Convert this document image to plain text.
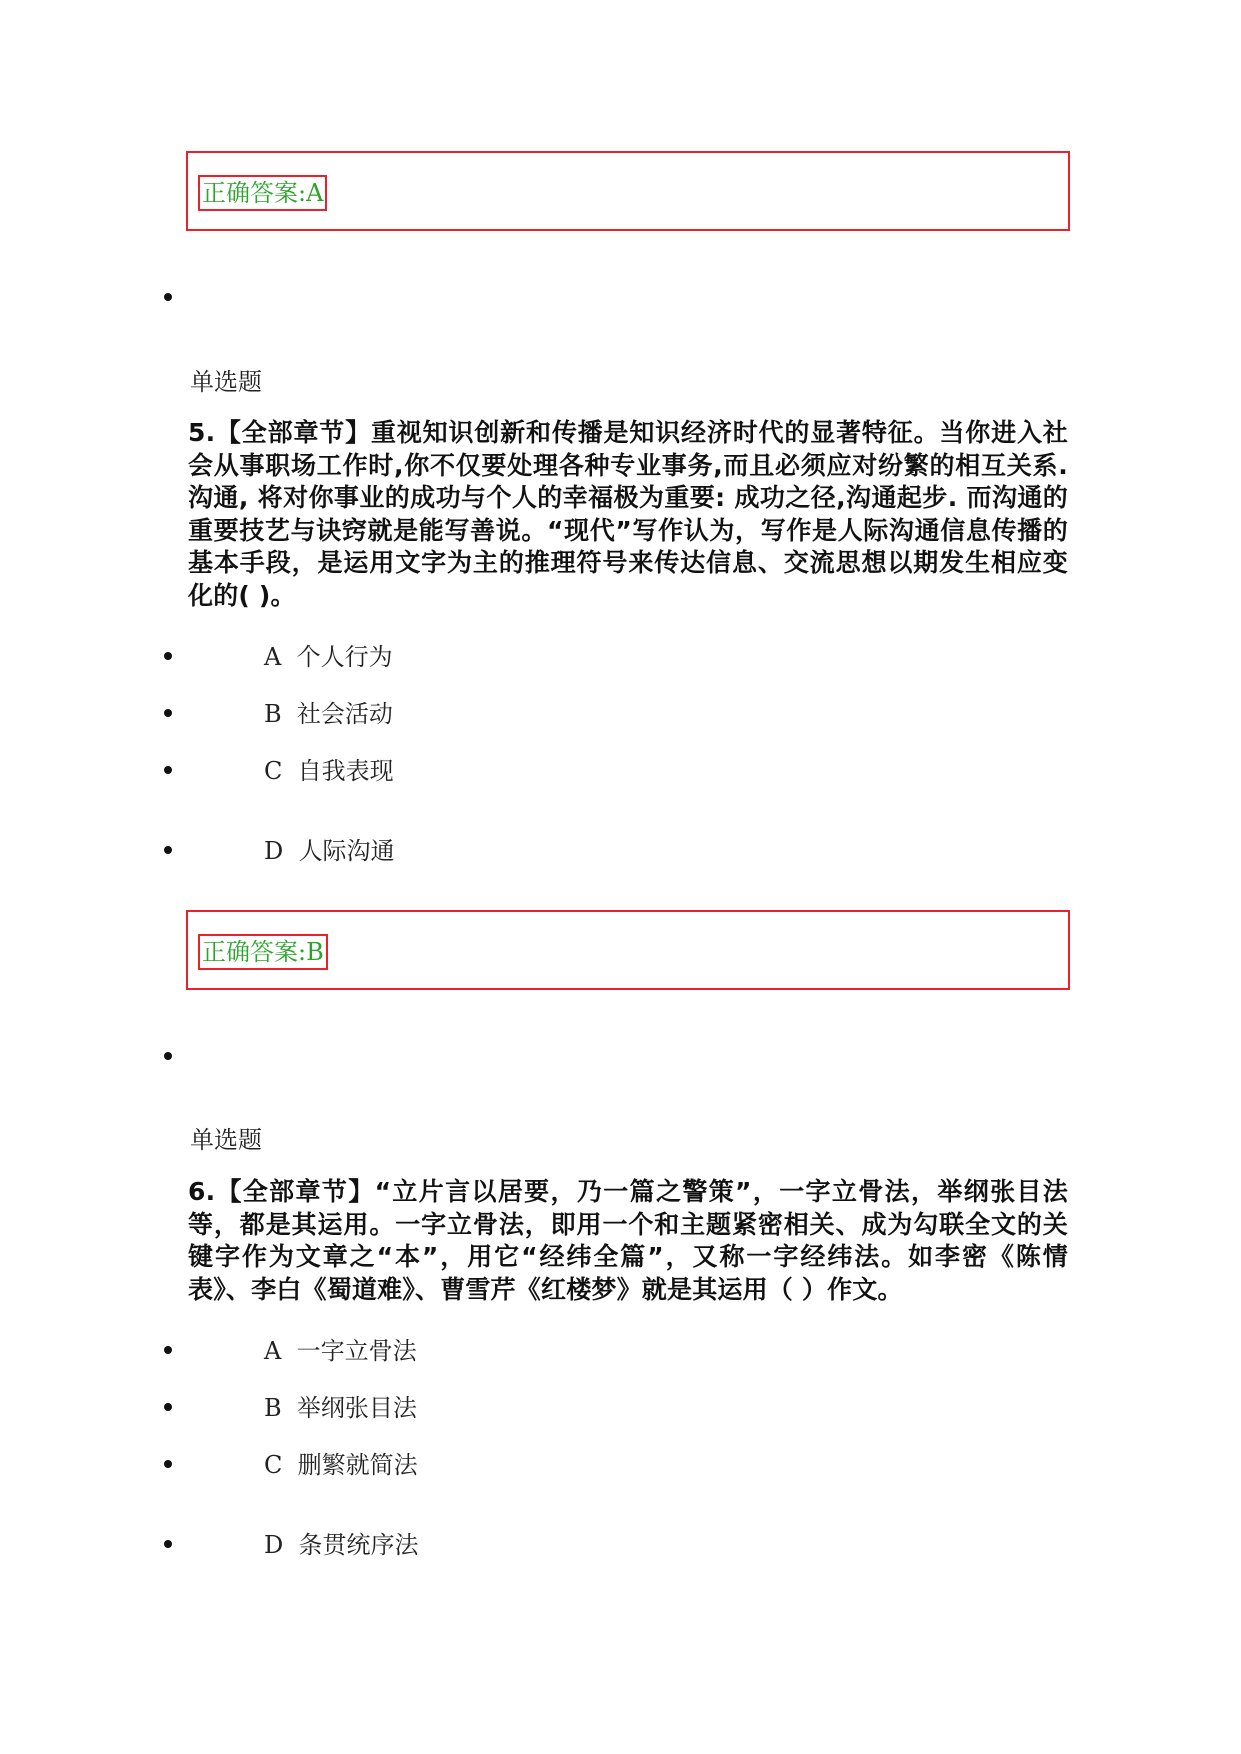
正确答案:A
单选题
5.【全部章节】重视知识创新和传播是知识经济时代的显著特征。当你进入社会从事职场工作时,你不仅要处理各种专业事务,而且必须应对纷繁的相互关系.沟通, 将对你事业的成功与个人的幸福极为重要: 成功之径,沟通起步. 而沟通的重要技艺与诀窍就是能写善说。“现代”写作认为，写作是人际沟通信息传播的基本手段，是运用文字为主的推理符号来传达信息、交流思想以期发生相应变化的( )。
A  个人行为
B  社会活动
C  自我表现
D  人际沟通
正确答案:B
单选题
6.【全部章节】“立片言以居要，乃一篇之警策”，一字立骨法，举纲张目法等，都是其运用。一字立骨法，即用一个和主题紧密相关、成为勾联全文的关键字作为文章之“本”，用它“经纬全篇”，又称一字经纬法。如李密《陈情表》、李白《蜀道难》、曹雪芹《红楼梦》就是其运用（ ）作文。
A  一字立骨法
B  举纲张目法
C  删繁就简法
D  条贯统序法
